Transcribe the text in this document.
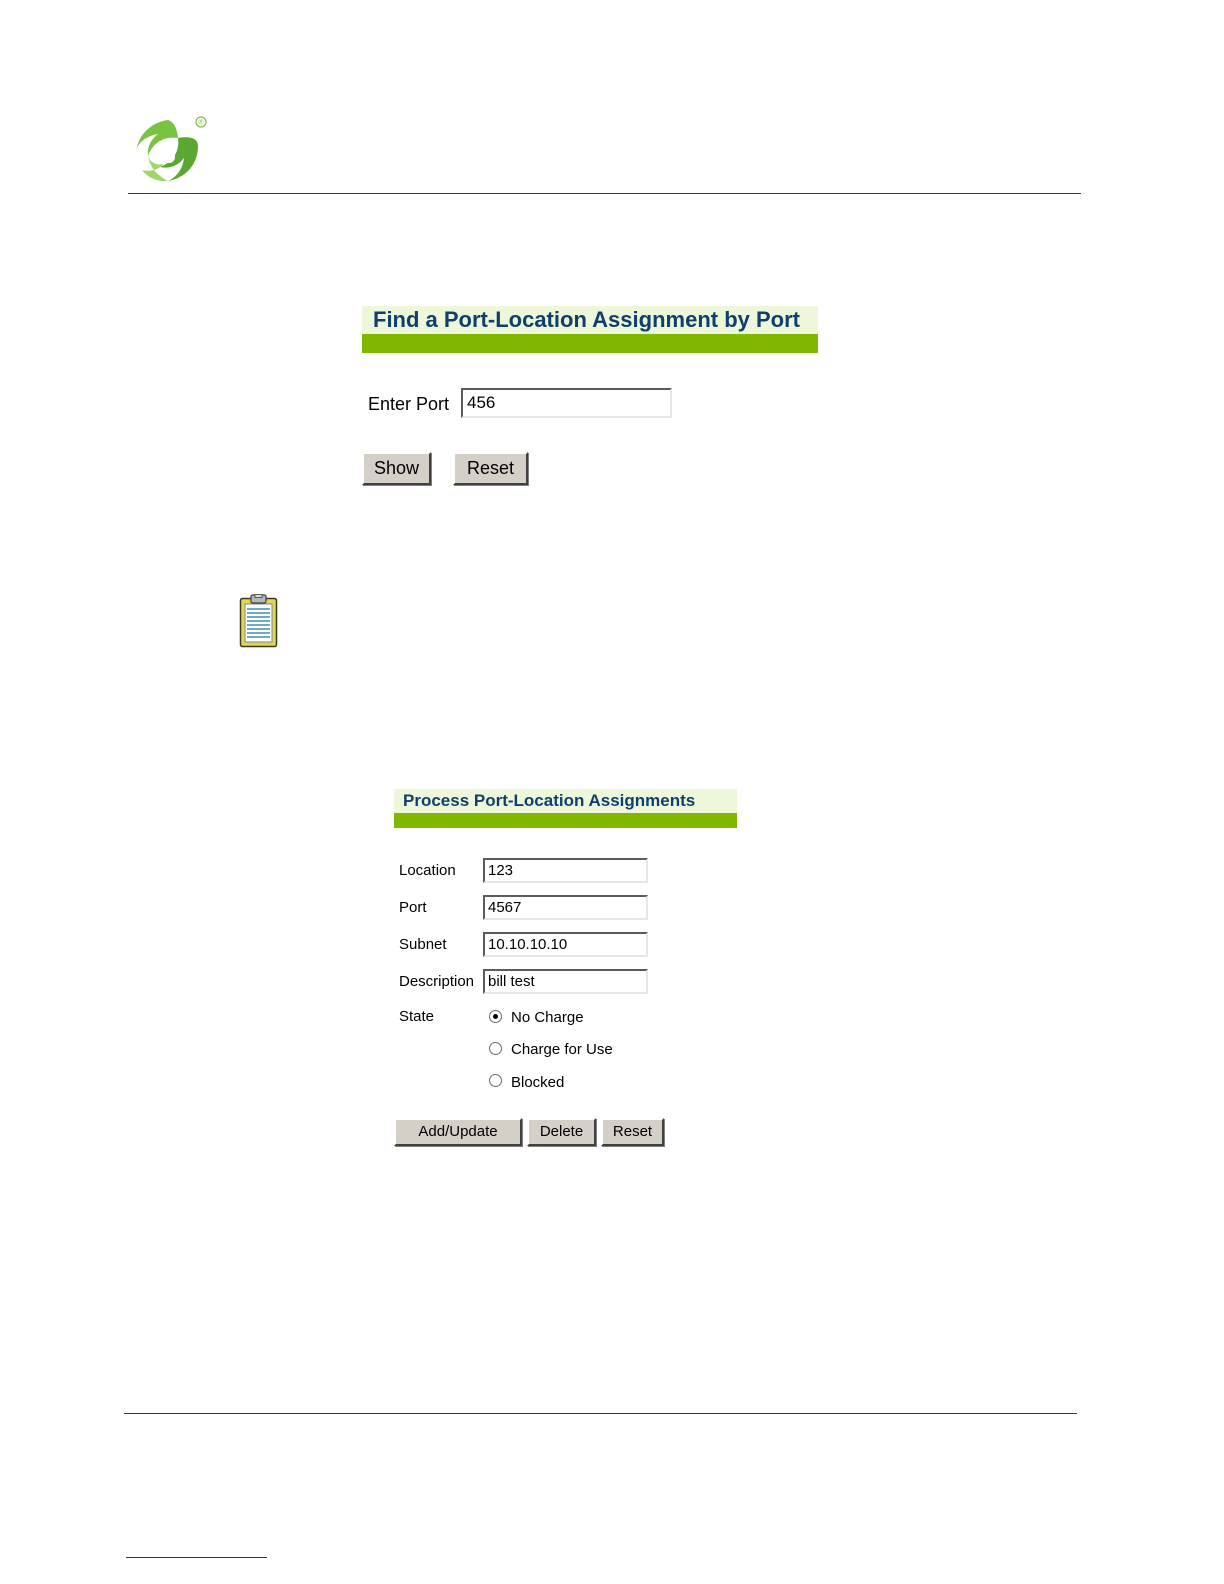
®
Find a Port-Location Assignment by Port
Enter Port	456
Show	Reset
Process Port-Location Assignments
Location	123
Port	4567
Subnet	10.10.10.10
Description bill test
State	No Charge
Charge for Use
Blocked
Add/Update	Delete	Reset
